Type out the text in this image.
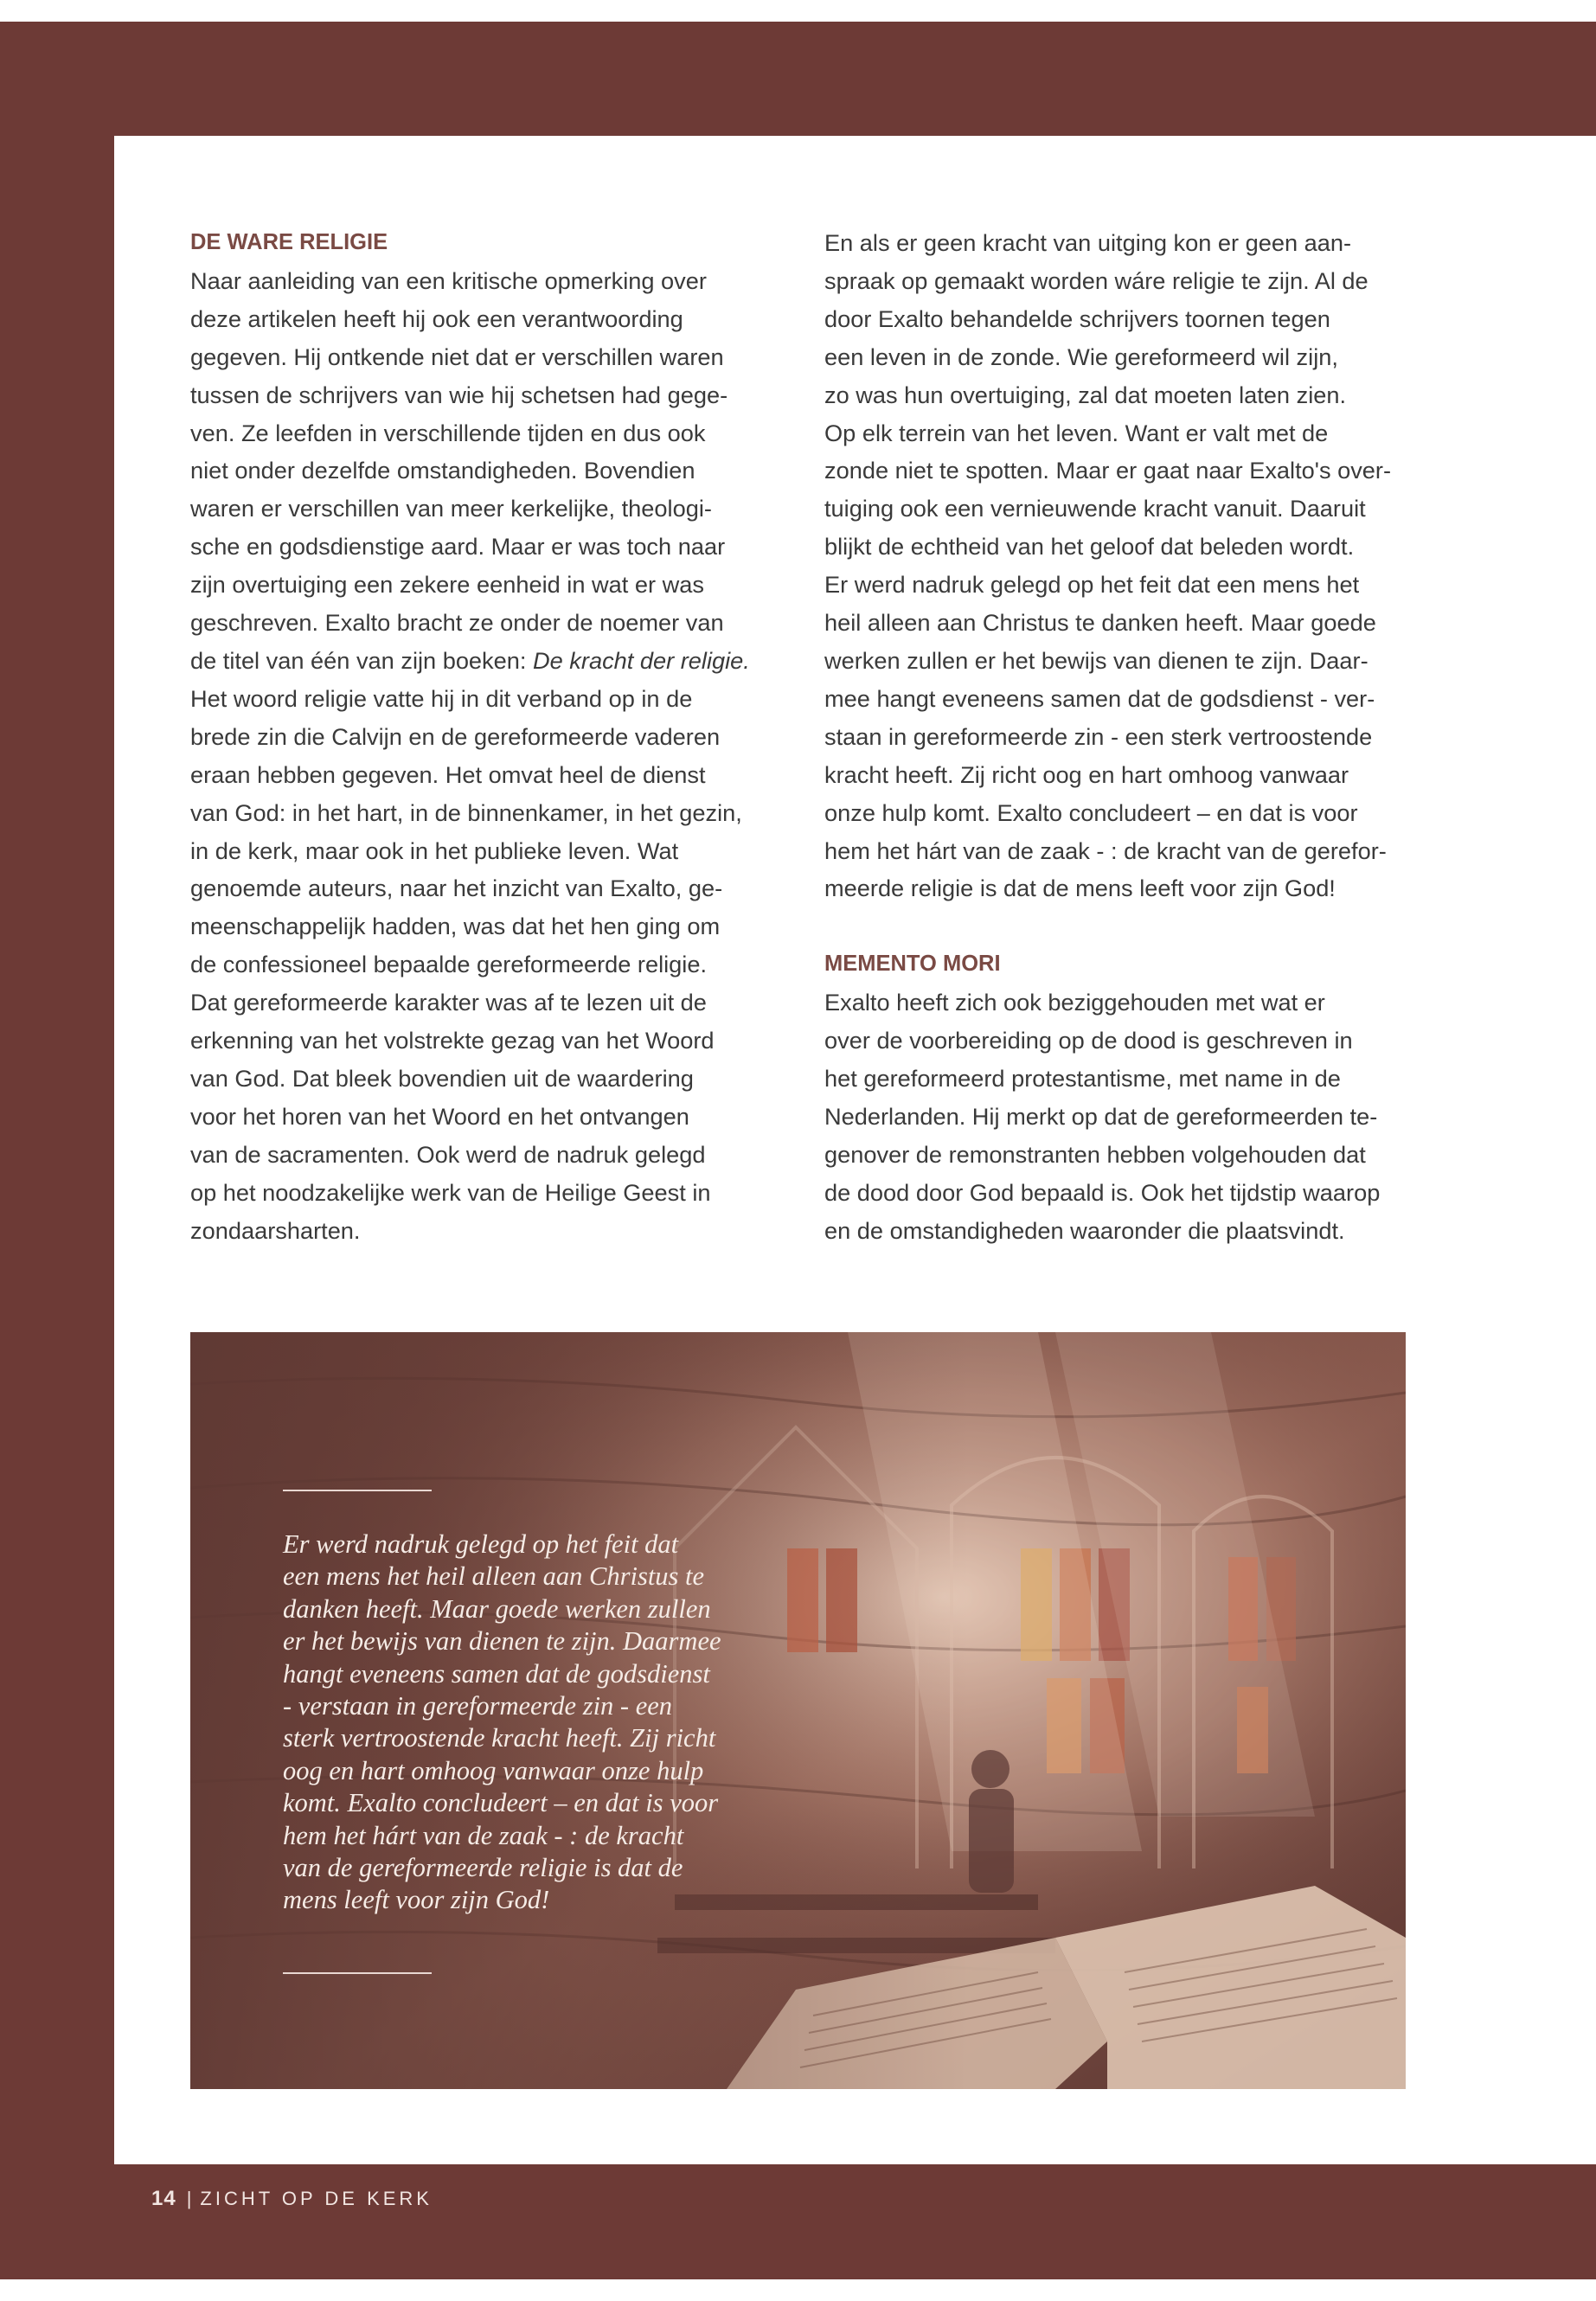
DE WARE RELIGIE
Naar aanleiding van een kritische opmerking over
deze artikelen heeft hij ook een verantwoording
gegeven. Hij ontkende niet dat er verschillen waren
tussen de schrijvers van wie hij schetsen had gege-
ven. Ze leefden in verschillende tijden en dus ook
niet onder dezelfde omstandigheden. Bovendien
waren er verschillen van meer kerkelijke, theologi-
sche en godsdienstige aard. Maar er was toch naar
zijn overtuiging een zekere eenheid in wat er was
geschreven. Exalto bracht ze onder de noemer van
de titel van één van zijn boeken: De kracht der religie.
Het woord religie vatte hij in dit verband op in de
brede zin die Calvijn en de gereformeerde vaderen
eraan hebben gegeven. Het omvat heel de dienst
van God: in het hart, in de binnenkamer, in het gezin,
in de kerk, maar ook in het publieke leven. Wat
genoemde auteurs, naar het inzicht van Exalto, ge-
meenschappelijk hadden, was dat het hen ging om
de confessioneel bepaalde gereformeerde religie.
Dat gereformeerde karakter was af te lezen uit de
erkenning van het volstrekte gezag van het Woord
van God. Dat bleek bovendien uit de waardering
voor het horen van het Woord en het ontvangen
van de sacramenten. Ook werd de nadruk gelegd
op het noodzakelijke werk van de Heilige Geest in
zondaarsharten.
En als er geen kracht van uitging kon er geen aan-
spraak op gemaakt worden wáre religie te zijn. Al de
door Exalto behandelde schrijvers toornen tegen
een leven in de zonde. Wie gereformeerd wil zijn,
zo was hun overtuiging, zal dat moeten laten zien.
Op elk terrein van het leven. Want er valt met de
zonde niet te spotten. Maar er gaat naar Exalto's over-
tuiging ook een vernieuwende kracht vanuit. Daaruit
blijkt de echtheid van het geloof dat beleden wordt.
Er werd nadruk gelegd op het feit dat een mens het
heil alleen aan Christus te danken heeft. Maar goede
werken zullen er het bewijs van dienen te zijn. Daar-
mee hangt eveneens samen dat de godsdienst - ver-
staan in gereformeerde zin - een sterk vertroostende
kracht heeft. Zij richt oog en hart omhoog vanwaar
onze hulp komt. Exalto concludeert – en dat is voor
hem het hárt van de zaak - : de kracht van de gerefor-
meerde religie is dat de mens leeft voor zijn God!
MEMENTO MORI
Exalto heeft zich ook beziggehouden met wat er
over de voorbereiding op de dood is geschreven in
het gereformeerd protestantisme, met name in de
Nederlanden. Hij merkt op dat de gereformeerden te-
genover de remonstranten hebben volgehouden dat
de dood door God bepaald is. Ook het tijdstip waarop
en de omstandigheden waaronder die plaatsvindt.
Er werd nadruk gelegd op het feit dat
een mens het heil alleen aan Christus te
danken heeft. Maar goede werken zullen
er het bewijs van dienen te zijn. Daarmee
hangt eveneens samen dat de godsdienst
- verstaan in gereformeerde zin - een
sterk vertroostende kracht heeft. Zij richt
oog en hart omhoog vanwaar onze hulp
komt. Exalto concludeert – en dat is voor
hem het hárt van de zaak - : de kracht
van de gereformeerde religie is dat de
mens leeft voor zijn God!
14 | ZICHT OP DE KERK
